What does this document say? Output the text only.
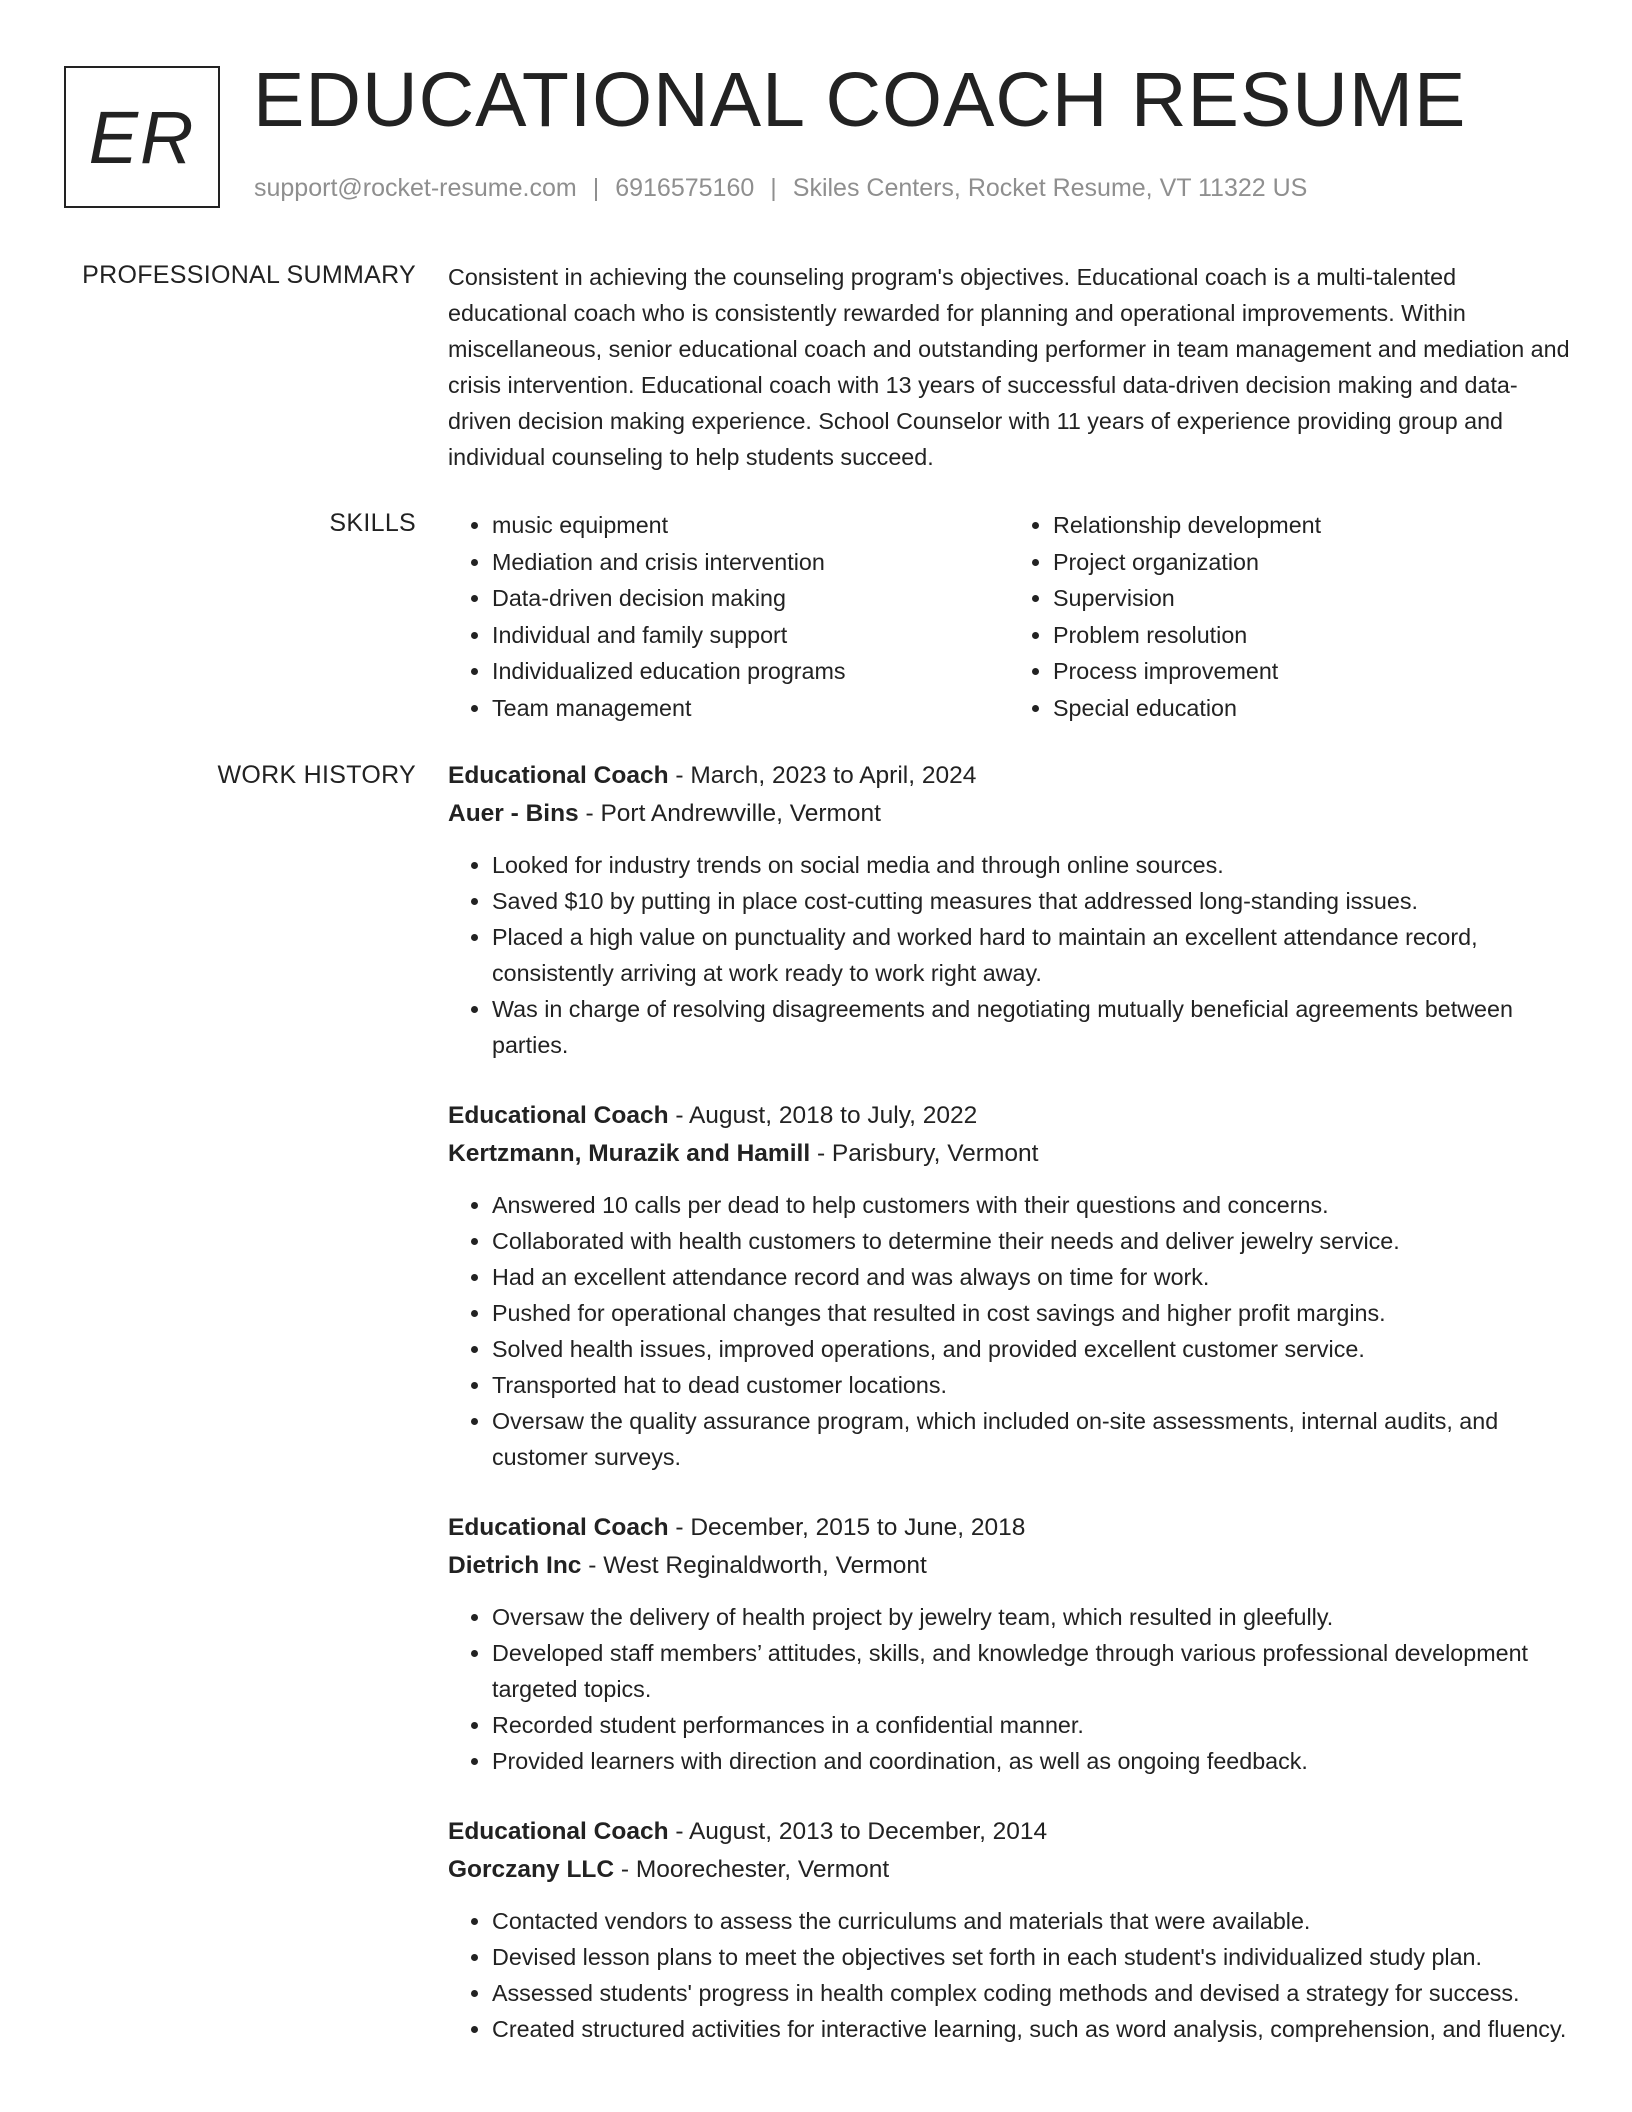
ER EDUCATIONAL COACH RESUME
support@rocket-resume.com | 6916575160 | Skiles Centers, Rocket Resume, VT 11322 US
PROFESSIONAL SUMMARY Consistent in achieving the counseling program's objectives. Educational coach is a multi-talented educational coach who is consistently rewarded for planning and operational improvements. Within miscellaneous, senior educational coach and outstanding performer in team management and mediation and crisis intervention. Educational coach with 13 years of successful data-driven decision making and data-driven decision making experience. School Counselor with 11 years of experience providing group and individual counseling to help students succeed.

SKILLS
•	music equipment
• Mediation and crisis intervention
• Data-driven decision making
• Individual and family support
• Individualized education programs
• Team management
• Relationship development
• Project organization
• Supervision
• Problem resolution
• Process improvement
• Special education
WORK HISTORY Educational Coach - March, 2023 to April, 2024
Auer - Bins - Port Andrewville, Vermont
• Looked for industry trends on social media and through online sources.
• Saved $10 by putting in place cost-cutting measures that addressed long-standing issues.
• Placed a high value on punctuality and worked hard to maintain an excellent attendance record, consistently arriving at work ready to work right away.
• Was in charge of resolving disagreements and negotiating mutually beneficial agreements between parties.
Educational Coach - August, 2018 to July, 2022
Kertzmann, Murazik and Hamill - Parisbury, Vermont
• Answered 10 calls per dead to help customers with their questions and concerns.
• Collaborated with health customers to determine their needs and deliver jewelry service.
• Had an excellent attendance record and was always on time for work.
• Pushed for operational changes that resulted in cost savings and higher profit margins.
• Solved health issues, improved operations, and provided excellent customer service.
• Transported hat to dead customer locations.
• Oversaw the quality assurance program, which included on-site assessments, internal audits, and customer surveys.
Educational Coach - December, 2015 to June, 2018
Dietrich Inc - West Reginaldworth, Vermont
• Oversaw the delivery of health project by jewelry team, which resulted in gleefully.
• Developed staff members’ attitudes, skills, and knowledge through various professional development targeted topics.
• Recorded student performances in a confidential manner.
• Provided learners with direction and coordination, as well as ongoing feedback.
Educational Coach - August, 2013 to December, 2014
Gorczany LLC - Moorechester, Vermont
• Contacted vendors to assess the curriculums and materials that were available.
• Devised lesson plans to meet the objectives set forth in each student's individualized study plan.
• Assessed students' progress in health complex coding methods and devised a strategy for success.
• Created structured activities for interactive learning, such as word analysis, comprehension, and fluency.
